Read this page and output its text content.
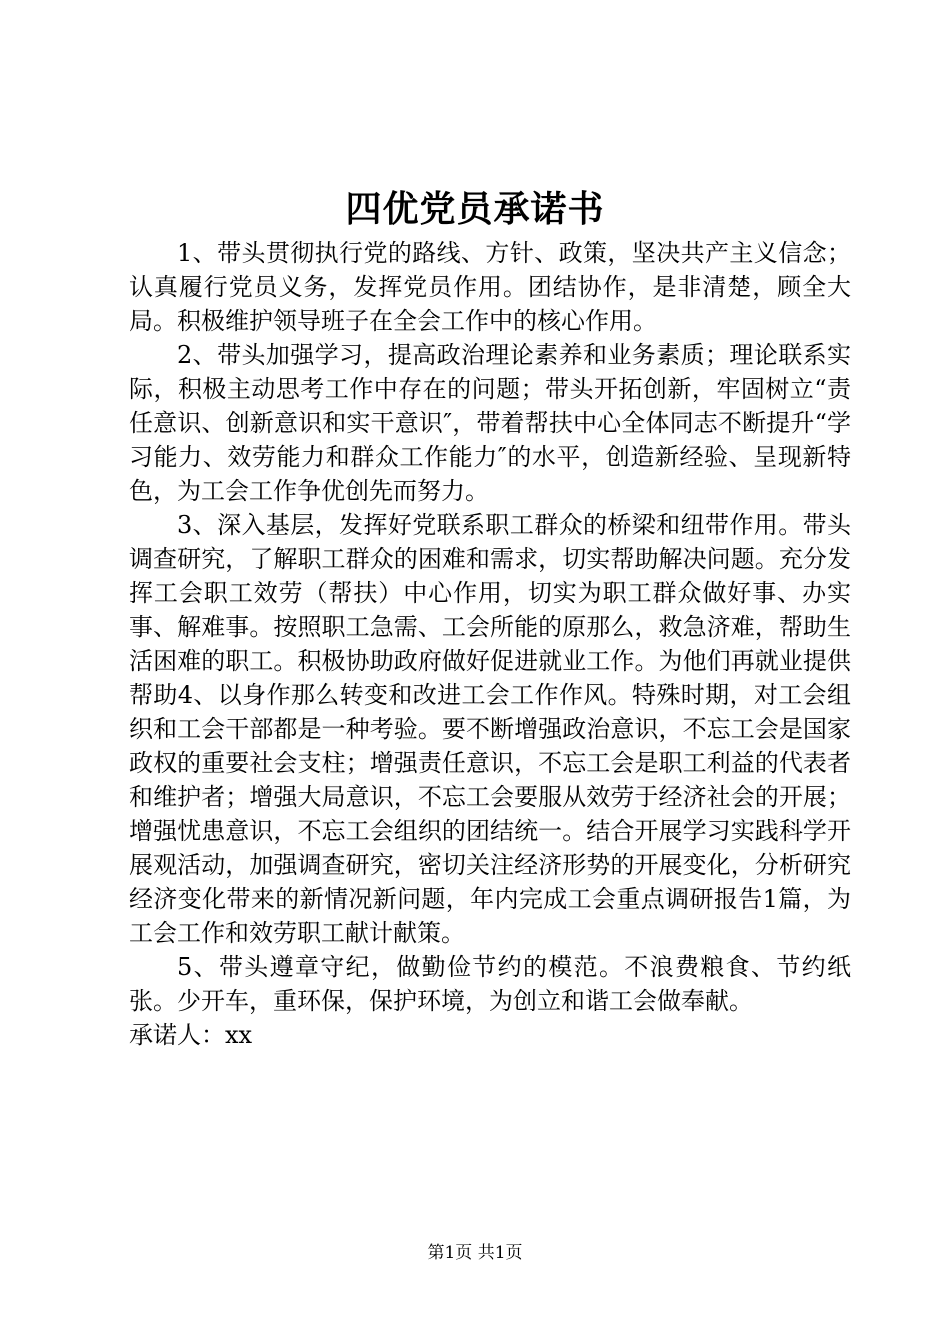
四优党员承诺书

1、带头贯彻执行党的路线、方针、政策，坚决共产主义信念；认真履行党员义务，发挥党员作用。团结协作，是非清楚，顾全大局。积极维护领导班子在全会工作中的核心作用。

2、带头加强学习，提高政治理论素养和业务素质；理论联系实际，积极主动思考工作中存在的问题；带头开拓创新，牢固树立“责任意识、创新意识和实干意识″，带着帮扶中心全体同志不断提升“学习能力、效劳能力和群众工作能力″的水平，创造新经验、呈现新特色，为工会工作争优创先而努力。

3、深入基层，发挥好党联系职工群众的桥梁和纽带作用。带头调查研究，了解职工群众的困难和需求，切实帮助解决问题。充分发挥工会职工效劳（帮扶）中心作用，切实为职工群众做好事、办实事、解难事。按照职工急需、工会所能的原那么，救急济难，帮助生活困难的职工。积极协助政府做好促进就业工作。为他们再就业提供帮助4、以身作那么转变和改进工会工作作风。特殊时期，对工会组织和工会干部都是一种考验。要不断增强政治意识，不忘工会是国家政权的重要社会支柱；增强责任意识，不忘工会是职工利益的代表者和维护者；增强大局意识，不忘工会要服从效劳于经济社会的开展；增强忧患意识，不忘工会组织的团结统一。结合开展学习实践科学开展观活动，加强调查研究，密切关注经济形势的开展变化，分析研究经济变化带来的新情况新问题，年内完成工会重点调研报告1篇，为工会工作和效劳职工献计献策。

5、带头遵章守纪，做勤俭节约的模范。不浪费粮食、节约纸张。少开车，重环保，保护环境，为创立和谐工会做奉献。

承诺人：xx

第1页 共1页
